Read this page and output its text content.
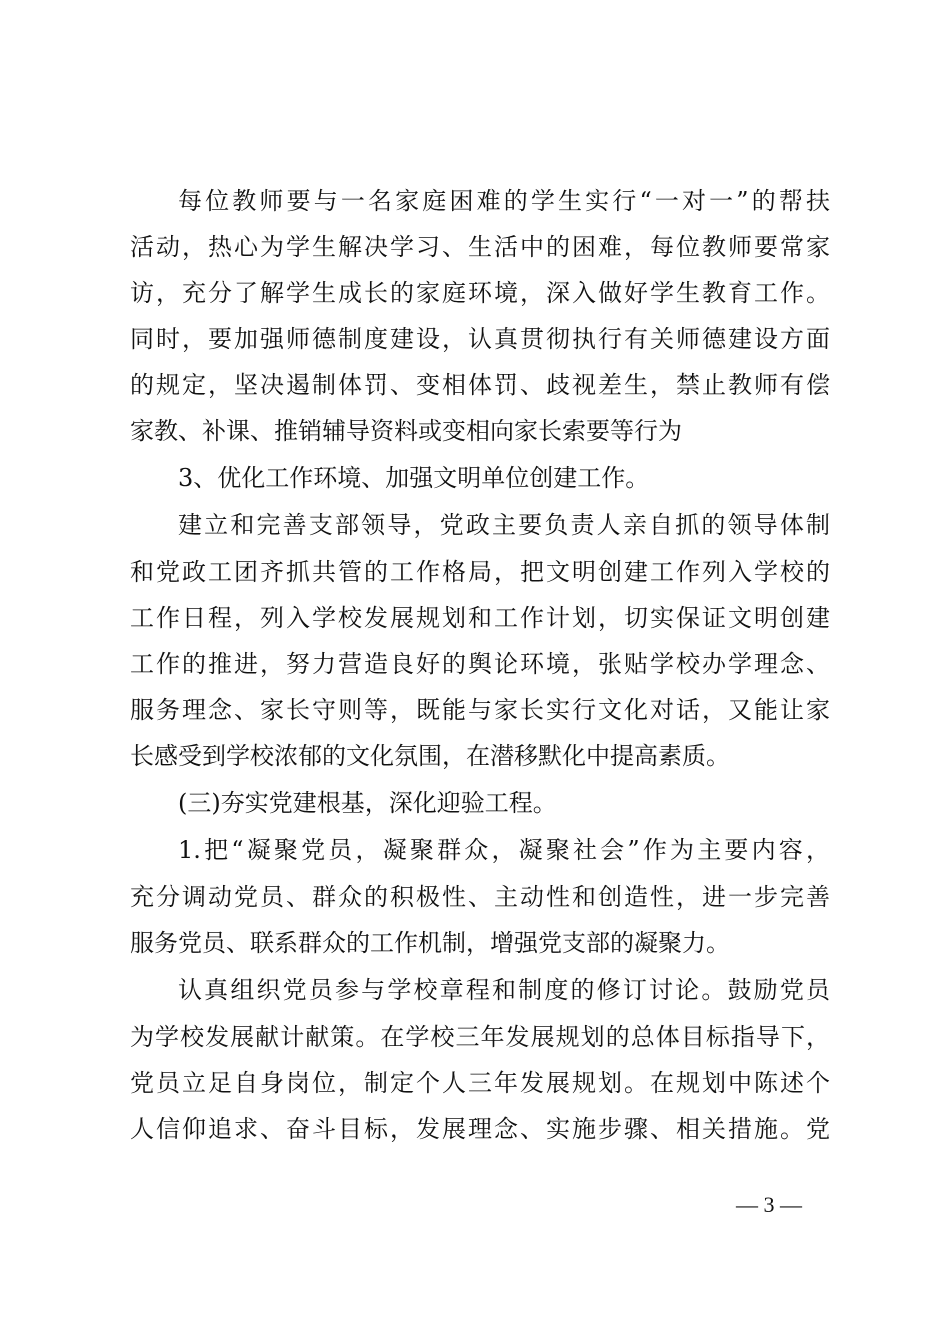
每位教师要与一名家庭困难的学生实行“一对一”的帮扶
活动，热心为学生解决学习、生活中的困难，每位教师要常家
访，充分了解学生成长的家庭环境，深入做好学生教育工作。
同时，要加强师德制度建设，认真贯彻执行有关师德建设方面
的规定，坚决遏制体罚、变相体罚、歧视差生，禁止教师有偿
家教、补课、推销辅导资料或变相向家长索要等行为
3、优化工作环境、加强文明单位创建工作。
建立和完善支部领导，党政主要负责人亲自抓的领导体制
和党政工团齐抓共管的工作格局，把文明创建工作列入学校的
工作日程，列入学校发展规划和工作计划，切实保证文明创建
工作的推进，努力营造良好的舆论环境，张贴学校办学理念、
服务理念、家长守则等，既能与家长实行文化对话，又能让家
长感受到学校浓郁的文化氛围，在潜移默化中提高素质。
(三)夯实党建根基，深化迎验工程。
1.把“凝聚党员，凝聚群众，凝聚社会”作为主要内容，
充分调动党员、群众的积极性、主动性和创造性，进一步完善
服务党员、联系群众的工作机制，增强党支部的凝聚力。
认真组织党员参与学校章程和制度的修订讨论。鼓励党员
为学校发展献计献策。在学校三年发展规划的总体目标指导下，
党员立足自身岗位，制定个人三年发展规划。在规划中陈述个
人信仰追求、奋斗目标，发展理念、实施步骤、相关措施。党
— 3 —
